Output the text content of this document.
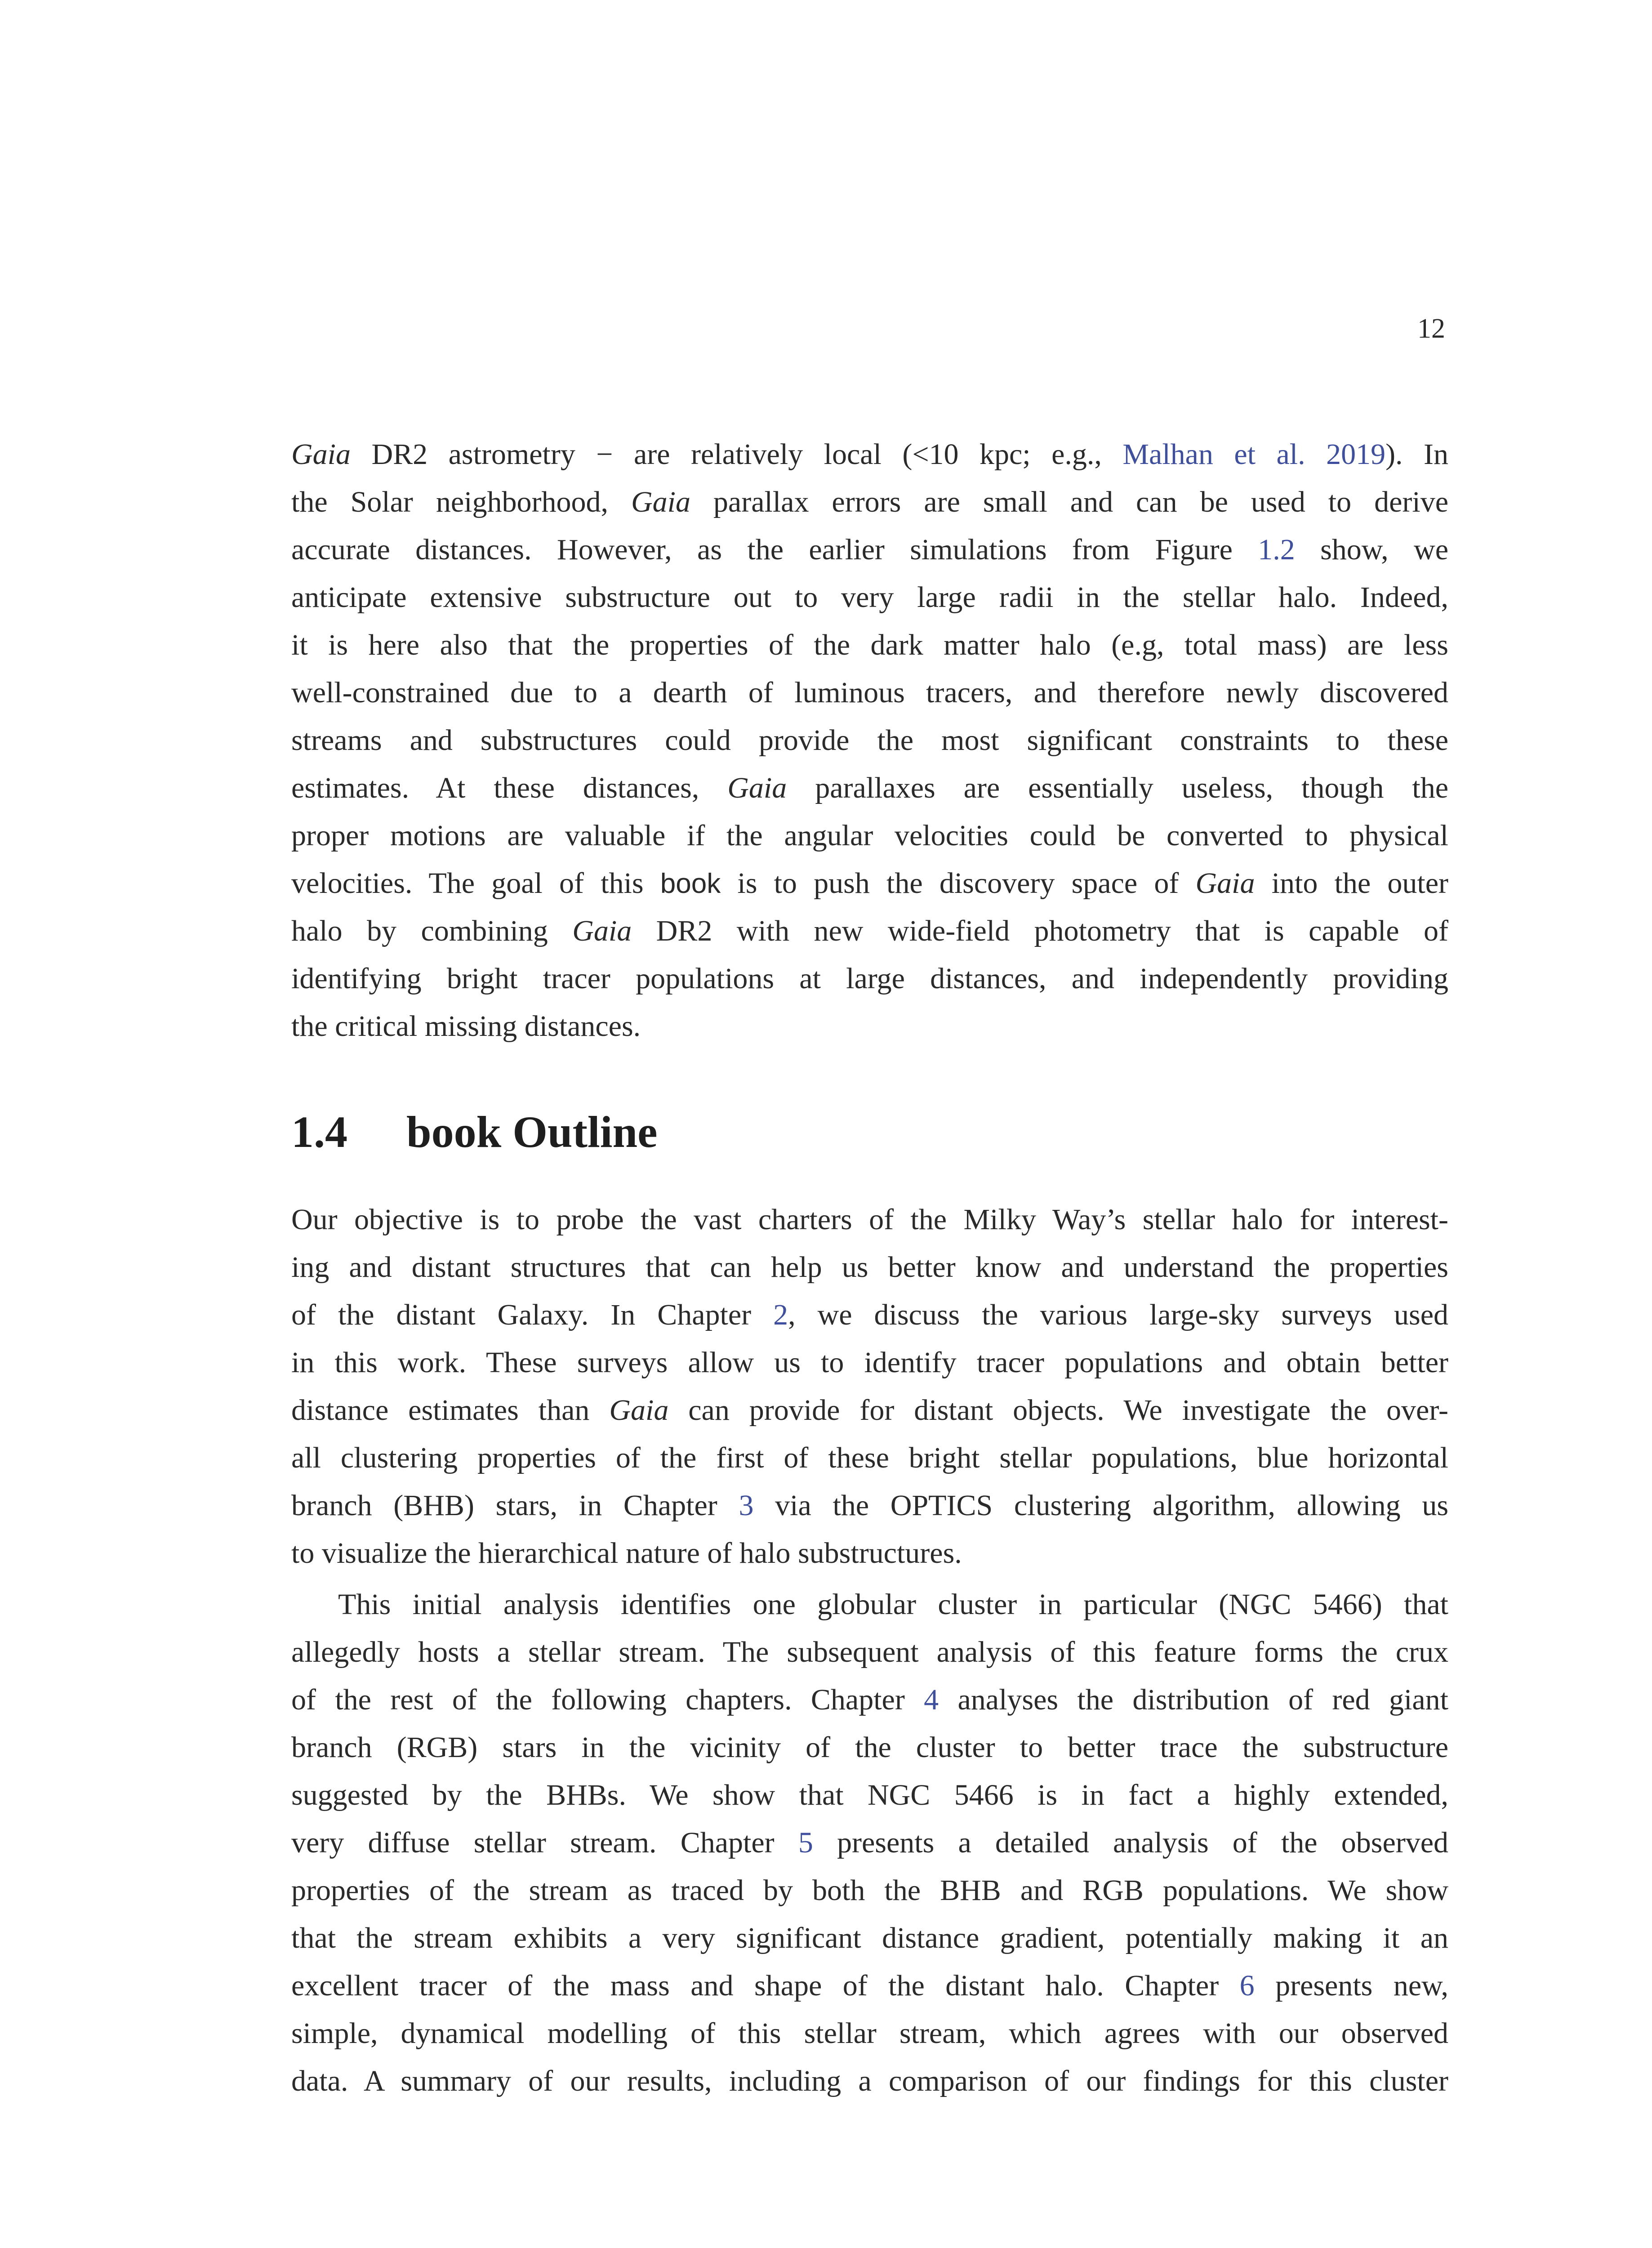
12
Gaia DR2 astrometry − are relatively local (<10 kpc; e.g., Malhan et al. 2019). In
the Solar neighborhood, Gaia parallax errors are small and can be used to derive
accurate distances. However, as the earlier simulations from Figure 1.2 show, we
anticipate extensive substructure out to very large radii in the stellar halo. Indeed,
it is here also that the properties of the dark matter halo (e.g, total mass) are less
well-constrained due to a dearth of luminous tracers, and therefore newly discovered
streams and substructures could provide the most significant constraints to these
estimates. At these distances, Gaia parallaxes are essentially useless, though the
proper motions are valuable if the angular velocities could be converted to physical
velocities. The goal of this book is to push the discovery space of Gaia into the outer
halo by combining Gaia DR2 with new wide-field photometry that is capable of
identifying bright tracer populations at large distances, and independently providing
the critical missing distances.
1.4 book Outline
Our objective is to probe the vast charters of the Milky Way’s stellar halo for interest-
ing and distant structures that can help us better know and understand the properties
of the distant Galaxy. In Chapter 2, we discuss the various large-sky surveys used
in this work. These surveys allow us to identify tracer populations and obtain better
distance estimates than Gaia can provide for distant objects. We investigate the over-
all clustering properties of the first of these bright stellar populations, blue horizontal
branch (BHB) stars, in Chapter 3 via the OPTICS clustering algorithm, allowing us
to visualize the hierarchical nature of halo substructures.
This initial analysis identifies one globular cluster in particular (NGC 5466) that
allegedly hosts a stellar stream. The subsequent analysis of this feature forms the crux
of the rest of the following chapters. Chapter 4 analyses the distribution of red giant
branch (RGB) stars in the vicinity of the cluster to better trace the substructure
suggested by the BHBs. We show that NGC 5466 is in fact a highly extended,
very diffuse stellar stream. Chapter 5 presents a detailed analysis of the observed
properties of the stream as traced by both the BHB and RGB populations. We show
that the stream exhibits a very significant distance gradient, potentially making it an
excellent tracer of the mass and shape of the distant halo. Chapter 6 presents new,
simple, dynamical modelling of this stellar stream, which agrees with our observed
data. A summary of our results, including a comparison of our findings for this cluster
